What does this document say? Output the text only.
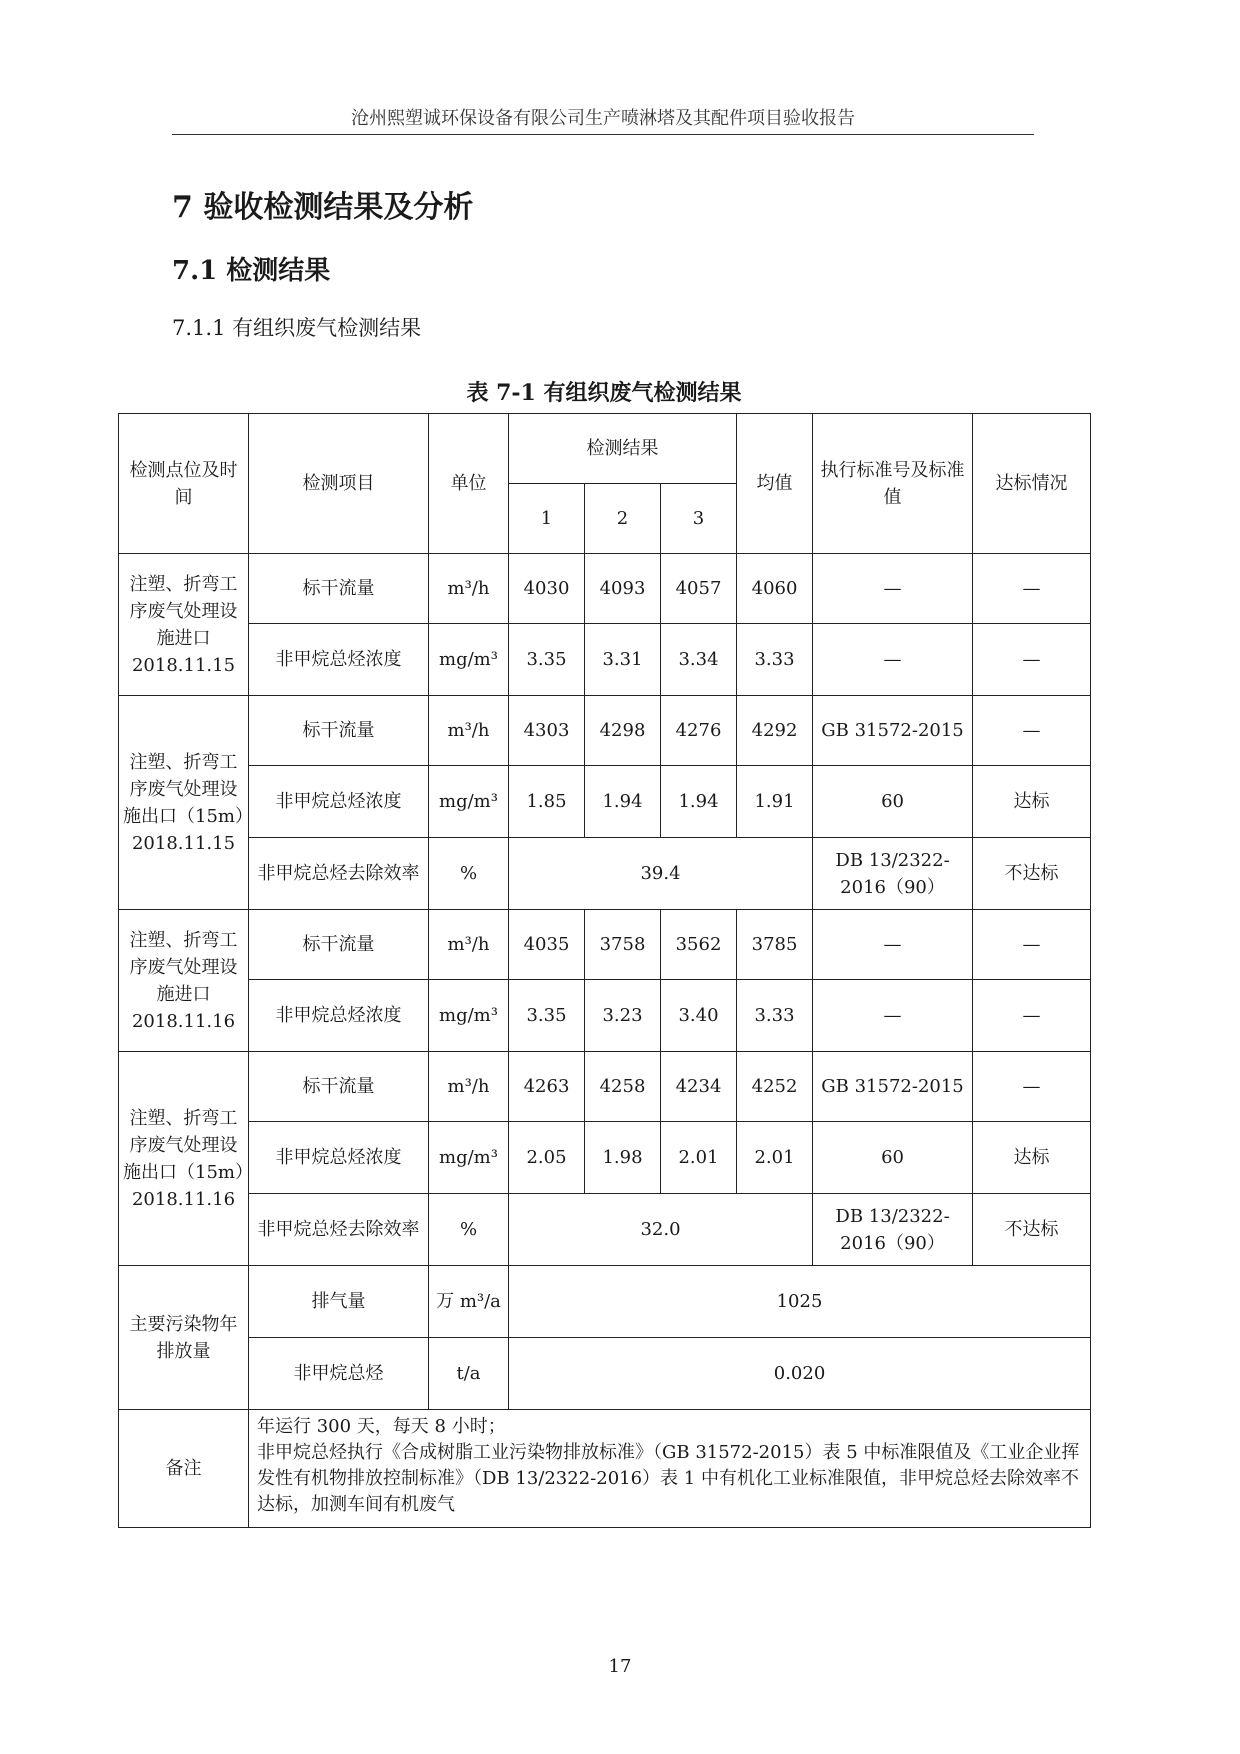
沧州熙塑诚环保设备有限公司生产喷淋塔及其配件项目验收报告
7 验收检测结果及分析
7.1 检测结果
7.1.1 有组织废气检测结果
表 7-1 有组织废气检测结果
检测点位及时间	检测项目	单位	检测结果			均值	执行标准号及标准值	达标情况
			1	2	3			
注塑、折弯工序废气处理设施进口2018.11.15	标干流量	m³/h	4030	4093	4057	4060	—	—
	非甲烷总烃浓度	mg/m³	3.35	3.31	3.34	3.33	—	—
注塑、折弯工序废气处理设施出口（15m）2018.11.15	标干流量	m³/h	4303	4298	4276	4292	GB 31572-2015	—
	非甲烷总烃浓度	mg/m³	1.85	1.94	1.94	1.91	60	达标
	非甲烷总烃去除效率	%	39.4				DB 13/2322-2016（90）	不达标
注塑、折弯工序废气处理设施进口2018.11.16	标干流量	m³/h	4035	3758	3562	3785	—	—
	非甲烷总烃浓度	mg/m³	3.35	3.23	3.40	3.33	—	—
注塑、折弯工序废气处理设施出口（15m）2018.11.16	标干流量	m³/h	4263	4258	4234	4252	GB 31572-2015	—
	非甲烷总烃浓度	mg/m³	2.05	1.98	2.01	2.01	60	达标
	非甲烷总烃去除效率	%	32.0				DB 13/2322-2016（90）	不达标
主要污染物年排放量	排气量	万 m³/a	1025					
	非甲烷总烃	t/a	0.020					
备注	年运行 300 天，每天 8 小时；
非甲烷总烃执行《合成树脂工业污染物排放标准》（GB 31572-2015）表 5 中标准限值及《工业企业挥发性有机物排放控制标准》（DB 13/2322-2016）表 1 中有机化工业标准限值，非甲烷总烃去除效率不达标，加测车间有机废气							
17
